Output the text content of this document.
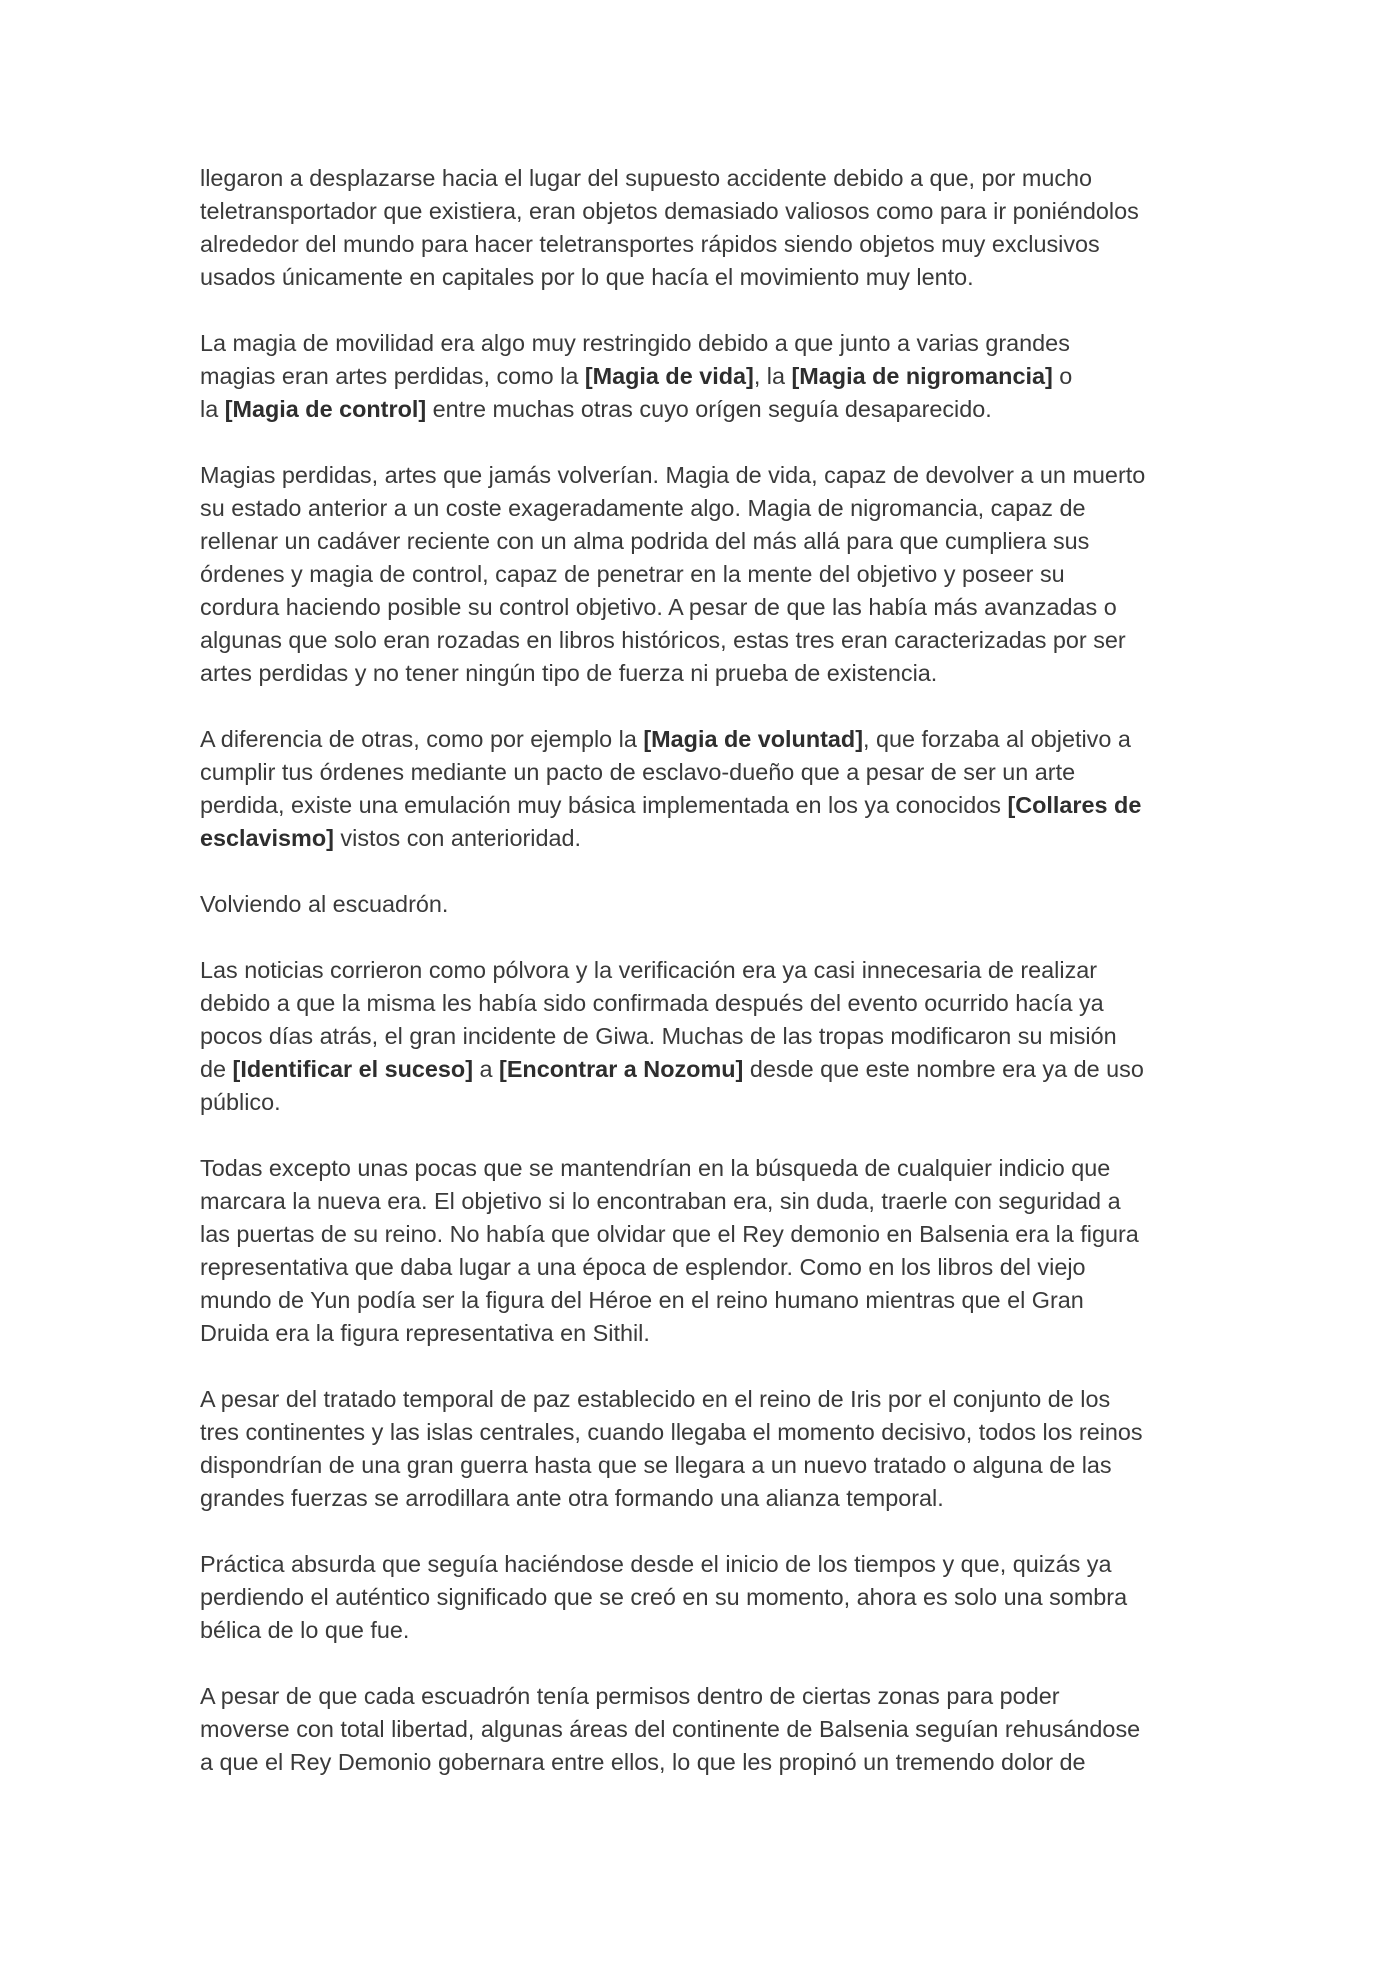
llegaron a desplazarse hacia el lugar del supuesto accidente debido a que, por mucho
teletransportador que existiera, eran objetos demasiado valiosos como para ir poniéndolos
alrededor del mundo para hacer teletransportes rápidos siendo objetos muy exclusivos
usados únicamente en capitales por lo que hacía el movimiento muy lento.
La magia de movilidad era algo muy restringido debido a que junto a varias grandes
magias eran artes perdidas, como la [Magia de vida], la [Magia de nigromancia] o
la [Magia de control] entre muchas otras cuyo orígen seguía desaparecido.
Magias perdidas, artes que jamás volverían. Magia de vida, capaz de devolver a un muerto
su estado anterior a un coste exageradamente algo. Magia de nigromancia, capaz de
rellenar un cadáver reciente con un alma podrida del más allá para que cumpliera sus
órdenes y magia de control, capaz de penetrar en la mente del objetivo y poseer su
cordura haciendo posible su control objetivo. A pesar de que las había más avanzadas o
algunas que solo eran rozadas en libros históricos, estas tres eran caracterizadas por ser
artes perdidas y no tener ningún tipo de fuerza ni prueba de existencia.
A diferencia de otras, como por ejemplo la [Magia de voluntad], que forzaba al objetivo a
cumplir tus órdenes mediante un pacto de esclavo-dueño que a pesar de ser un arte
perdida, existe una emulación muy básica implementada en los ya conocidos [Collares de
esclavismo] vistos con anterioridad.
Volviendo al escuadrón.
Las noticias corrieron como pólvora y la verificación era ya casi innecesaria de realizar
debido a que la misma les había sido confirmada después del evento ocurrido hacía ya
pocos días atrás, el gran incidente de Giwa. Muchas de las tropas modificaron su misión
de [Identificar el suceso] a [Encontrar a Nozomu] desde que este nombre era ya de uso
público.
Todas excepto unas pocas que se mantendrían en la búsqueda de cualquier indicio que
marcara la nueva era. El objetivo si lo encontraban era, sin duda, traerle con seguridad a
las puertas de su reino. No había que olvidar que el Rey demonio en Balsenia era la figura
representativa que daba lugar a una época de esplendor. Como en los libros del viejo
mundo de Yun podía ser la figura del Héroe en el reino humano mientras que el Gran
Druida era la figura representativa en Sithil.
A pesar del tratado temporal de paz establecido en el reino de Iris por el conjunto de los
tres continentes y las islas centrales, cuando llegaba el momento decisivo, todos los reinos
dispondrían de una gran guerra hasta que se llegara a un nuevo tratado o alguna de las
grandes fuerzas se arrodillara ante otra formando una alianza temporal.
Práctica absurda que seguía haciéndose desde el inicio de los tiempos y que, quizás ya
perdiendo el auténtico significado que se creó en su momento, ahora es solo una sombra
bélica de lo que fue.
A pesar de que cada escuadrón tenía permisos dentro de ciertas zonas para poder
moverse con total libertad, algunas áreas del continente de Balsenia seguían rehusándose
a que el Rey Demonio gobernara entre ellos, lo que les propinó un tremendo dolor de
